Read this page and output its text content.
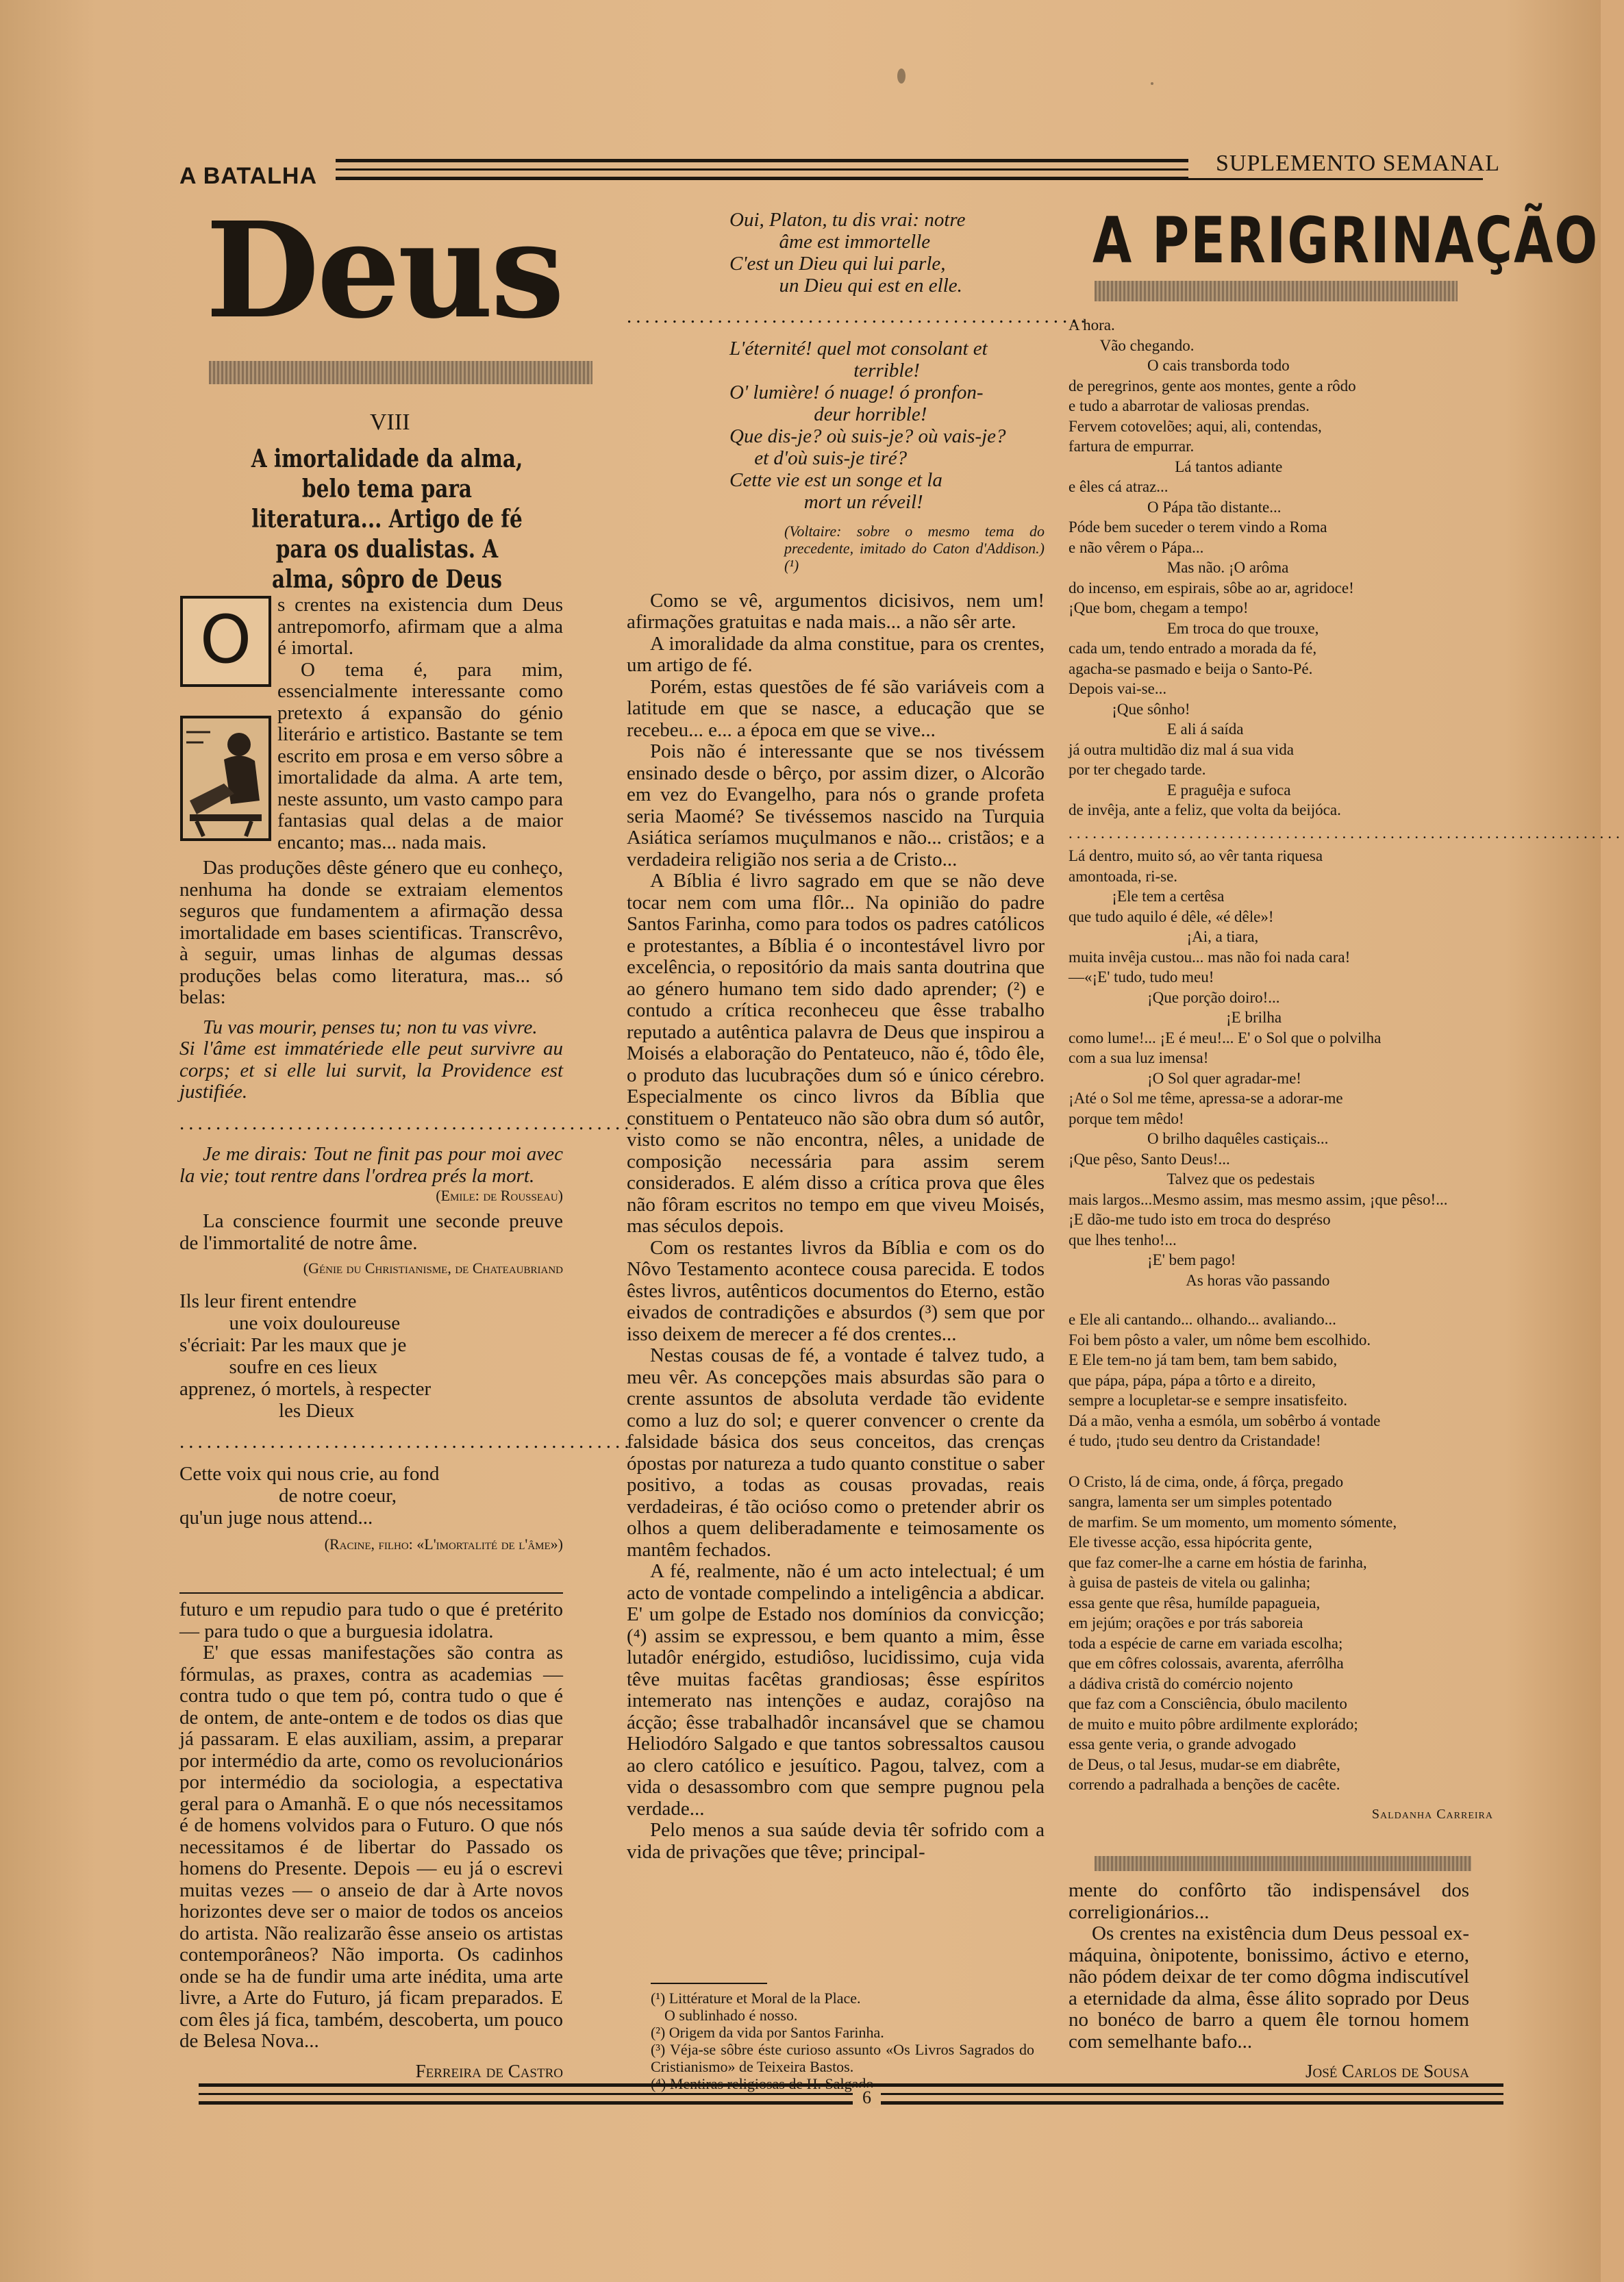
A BATALHA	SUPLEMENTO SEMANAL
Deus
VIII
A imortalidade da alma, belo tema para literatura... Artigo de fé para os dualistas. A alma, sôpro de Deus
O	s crentes na existencia dum Deus antrepomorfo, afirmam que a alma é imortal.

O tema é, para mim, essencialmente interessante como pretexto á expansão do génio literário e artistico. Bastante se tem escrito em prosa e em verso sôbre a imortalidade da alma. A arte tem, neste assunto, um vasto campo para fantasias qual delas a de maior encanto; mas... nada mais.

Das produções dêste género que eu conheço, nenhuma ha donde se extraiam elementos seguros que fundamentem a afirmação dessa imortalidade em bases scientificas. Transcrêvo, à seguir, umas linhas de algumas dessas produções belas como literatura, mas... só belas:

Tu vas mourir, penses tu; non tu vas vivre.
Si l'âme est immatériede elle peut survivre au corps; et si elle lui survit, la Providence est justifiée.

...................................................

Je me dirais: Tout ne finit pas pour moi avec la vie; tout rentre dans l'ordrea prés la mort.

(Emile: de Rousseau)

La conscience fourmit une seconde preuve de l'immortalité de notre âme.

(Génie du Christianisme, de Chateaubriand

Ils leur firent entendre
une voix douloureuse
s'écriait: Par les maux que je
soufre en ces lieux
apprenez, ó mortels, à respecter
les Dieux

...................................................

Cette voix qui nous crie, au fond
de notre coeur,
qu'un juge nous attend...

(Racine, filho: «L'imortalité de l'âme»)

futuro e um repudio para tudo o que é pretérito — para tudo o que a burguesia idolatra.

E' que essas manifestações são contra as fórmulas, as praxes, contra as academias — contra tudo o que tem pó, contra tudo o que é de ontem, de ante-ontem e de todos os dias que já passaram. E elas auxiliam, assim, a preparar por intermédio da arte, como os revolucionários por intermédio da sociologia, a espectativa geral para o Amanhã. E o que nós necessitamos é de homens volvidos para o Futuro. O que nós necessitamos é de libertar do Passado os homens do Presente. Depois — eu já o escrevi muitas vezes — o anseio de dar à Arte novos horizontes deve ser o maior de todos os anceios do artista. Não realizarão êsse anseio os artistas contemporâneos? Não importa. Os cadinhos onde se ha de fundir uma arte inédita, uma arte livre, a Arte do Futuro, já ficam preparados. E com êles já fica, também, descoberta, um pouco de Belesa Nova...

Ferreira de Castro

Oui, Platon, tu dis vrai: notre
âme est immortelle
C'est un Dieu qui lui parle,
un Dieu qui est en elle.

...................................................

L'éternité! quel mot consolant et
terrible!
O' lumière! ó nuage! ó pronfon-
deur horrible!
Que dis-je? où suis-je? où vais-je?
et d'où suis-je tiré?
Cette vie est un songe et la
mort un réveil!

(Voltaire: sobre o mesmo tema do precedente, imitado do Caton d'Addison.) (¹)

Como se vê, argumentos dicisivos, nem um! afirmações gratuitas e nada mais... a não sêr arte.

A imoralidade da alma constitue, para os crentes, um artigo de fé.

Porém, estas questões de fé são variáveis com a latitude em que se nasce, a educação que se recebeu... e... a época em que se vive...

Pois não é interessante que se nos tivéssem ensinado desde o bêrço, por assim dizer, o Alcorão em vez do Evangelho, para nós o grande profeta seria Maomé? Se tivéssemos nascido na Turquia Asiática seríamos muçulmanos e não... cristãos; e a verdadeira religião nos seria a de Cristo...

A Bíblia é livro sagrado em que se não deve tocar nem com uma flôr... Na opinião do padre Santos Farinha, como para todos os padres católicos e protestantes, a Bíblia é o incontestável livro por excelência, o repositório da mais santa doutrina que ao género humano tem sido dado aprender; (²) e contudo a crítica reconheceu que êsse trabalho reputado a autêntica palavra de Deus que inspirou a Moisés a elaboração do Pentateuco, não é, tôdo êle, o produto das lucubrações dum só e único cérebro. Especialmente os cinco livros da Bíblia que constituem o Pentateuco não são obra dum só autôr, visto como se não encontra, nêles, a unidade de composição necessária para assim serem considerados. E além disso a crítica prova que êles não fôram escritos no tempo em que viveu Moisés, mas séculos depois.

Com os restantes livros da Bíblia e com os do Nôvo Testamento acontece cousa parecida. E todos êstes livros, autênticos documentos do Eterno, estão eivados de contradições e absurdos (³) sem que por isso deixem de merecer a fé dos crentes...

Nestas cousas de fé, a vontade é talvez tudo, a meu vêr. As concepções mais absurdas são para o crente assuntos de absoluta verdade tão evidente como a luz do sol; e querer convencer o crente da falsidade básica dos seus conceitos, das crenças ópostas por natureza a tudo quanto constitue o saber positivo, a todas as cousas provadas, reais verdadeiras, é tão ocióso como o pretender abrir os olhos a quem deliberadamente e teimosamente os mantêm fechados.

A fé, realmente, não é um acto intelectual; é um acto de vontade compelindo a inteligência a abdicar. E' um golpe de Estado nos domínios da convicção; (⁴) assim se expressou, e bem quanto a mim, êsse lutadôr enérgido, estudiôso, lucidissimo, cuja vida têve muitas facêtas grandiosas; êsse espíritos intemerato nas intenções e audaz, corajôso na ácção; êsse trabalhadôr incansável que se chamou Heliodóro Salgado e que tantos sobressaltos causou ao clero católico e jesuítico. Pagou, talvez, com a vida o desassombro com que sempre pugnou pela verdade...

Pelo menos a sua saúde devia têr sofrido com a vida de privações que têve; principal-

(¹) Littérature et Moral de la Place.

O sublinhado é nosso.

(²) Origem da vida por Santos Farinha.

(³) Véja-se sôbre éste curioso assunto «Os Livros Sagrados do Cristianismo» de Teixeira Bastos.

A PERIGRINAÇÃO

A hora.
Vão chegando.
O cais transborda todo
de peregrinos, gente aos montes, gente a rôdo
e tudo a abarrotar de valiosas prendas.
Fervem cotovelões; aqui, ali, contendas,
fartura de empurrar.
Lá tantos adiante
e êles cá atraz...
O Pápa tão distante...
Póde bem suceder o terem vindo a Roma
e não vêrem o Pápa...
Mas não. ¡O arôma
do incenso, em espirais, sôbe ao ar, agridoce!
¡Que bom, chegam a tempo!
Em troca do que trouxe,
cada um, tendo entrado a morada da fé,
agacha-se pasmado e beija o Santo-Pé.
Depois vai-se...
¡Que sônho!
E ali á saída
já outra multidão diz mal á sua vida
por ter chegado tarde.
E praguêja e sufoca
de invêja, ante a feliz, que volta da beijóca.

.....................................................................

Lá dentro, muito só, ao vêr tanta riquesa
amontoada, ri-se.
¡Ele tem a certêsa
que tudo aquilo é dêle, «é dêle»!
¡Ai, a tiara,
muita invêja custou... mas não foi nada cara!
—«¡E' tudo, tudo meu!
¡Que porção doiro!...
¡E brilha
como lume!... ¡E é meu!... E' o Sol que o polvilha
com a sua luz imensa!
¡O Sol quer agradar-me!
¡Até o Sol me tême, apressa-se a adorar-me
porque tem mêdo!
O brilho daquêles castiçais...
¡Que pêso, Santo Deus!...
Talvez que os pedestais
mais largos...Mesmo assim, mas mesmo assim, ¡que pêso!...
¡E dão-me tudo isto em troca do despréso
que lhes tenho!...
¡E' bem pago!
As horas vão passando

e Ele ali cantando... olhando... avaliando...
Foi bem pôsto a valer, um nôme bem escolhido.
E Ele tem-no já tam bem, tam bem sabido,
que pápa, pápa, pápa a tôrto e a direito,
sempre a locupletar-se e sempre insatisfeito.
Dá a mão, venha a esmóla, um sobêrbo á vontade
é tudo, ¡tudo seu dentro da Cristandade!

O Cristo, lá de cima, onde, á fôrça, pregado
sangra, lamenta ser um simples potentado
de marfim. Se um momento, um momento sómente,
Ele tivesse acção, essa hipócrita gente,
que faz comer-lhe a carne em hóstia de farinha,
à guisa de pasteis de vitela ou galinha;
essa gente que rêsa, humílde papagueia,
em jejúm; orações e por trás saboreia
toda a espécie de carne em variada escolha;
que em côfres colossais, avarenta, aferrôlha
a dádiva cristã do comércio nojento
que faz com a Consciência, óbulo macilento
de muito e muito pôbre ardilmente explorádo;
essa gente veria, o grande advogado
de Deus, o tal Jesus, mudar-se em diabrête,
correndo a padralhada a benções de cacête.

Saldanha Carreira

mente do confôrto tão indispensável dos correligionários...

Os crentes na existência dum Deus pessoal ex-máquina, ònipotente, bonissimo, áctivo e eterno, não pódem deixar de ter como dôgma indiscutível a eternidade da alma, êsse álito soprado por Deus no bonéco de barro a quem êle tornou homem com semelhante bafo...

José Carlos de Sousa

6
